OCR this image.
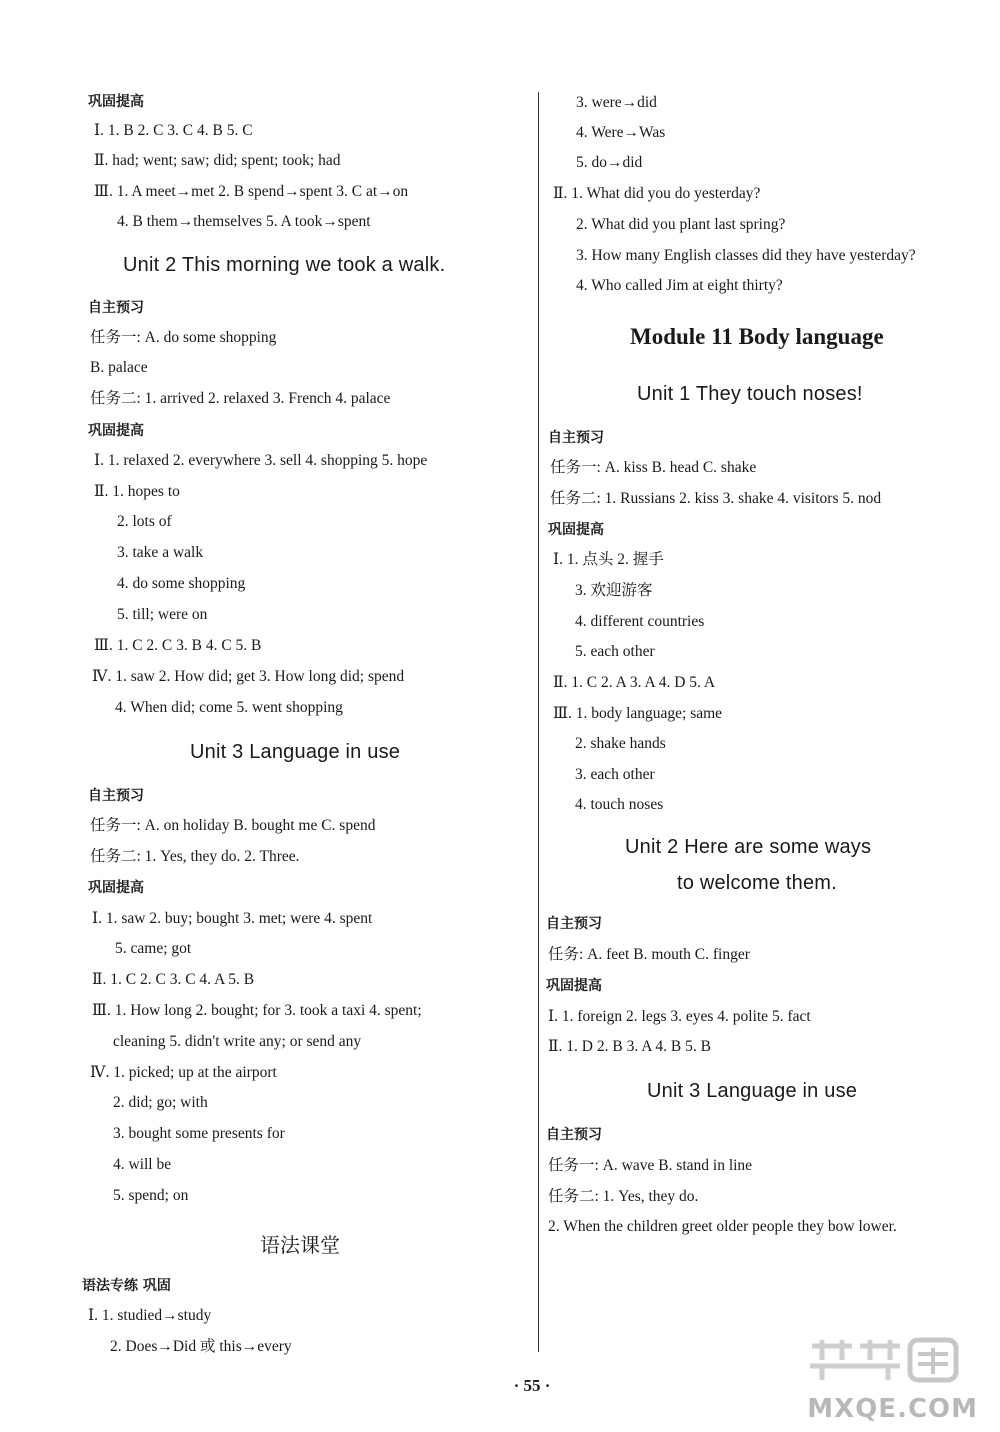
巩固提高
Ⅰ. 1. B 2. C 3. C 4. B 5. C
Ⅱ. had; went; saw; did; spent; took; had
Ⅲ. 1. A meet→met 2. B spend→spent 3. C at→on
4. B them→themselves 5. A took→spent
Unit 2 This morning we took a walk.
自主预习
任务一: A. do some shopping
B. palace
任务二: 1. arrived 2. relaxed 3. French 4. palace
巩固提高
Ⅰ. 1. relaxed 2. everywhere 3. sell 4. shopping 5. hope
Ⅱ. 1. hopes to
2. lots of
3. take a walk
4. do some shopping
5. till; were on
Ⅲ. 1. C 2. C 3. B 4. C 5. B
Ⅳ. 1. saw 2. How did; get 3. How long did; spend
4. When did; come 5. went shopping
Unit 3 Language in use
自主预习
任务一: A. on holiday B. bought me C. spend
任务二: 1. Yes, they do. 2. Three.
巩固提高
Ⅰ. 1. saw 2. buy; bought 3. met; were 4. spent
5. came; got
Ⅱ. 1. C 2. C 3. C 4. A 5. B
Ⅲ. 1. How long 2. bought; for 3. took a taxi 4. spent;
cleaning 5. didn't write any; or send any
Ⅳ. 1. picked; up at the airport
2. did; go; with
3. bought some presents for
4. will be
5. spend; on
语法课堂
语法专练 巩固
Ⅰ. 1. studied→study
2. Does→Did 或 this→every
3. were→did
4. Were→Was
5. do→did
Ⅱ. 1. What did you do yesterday?
2. What did you plant last spring?
3. How many English classes did they have yesterday?
4. Who called Jim at eight thirty?
Module 11 Body language
Unit 1 They touch noses!
自主预习
任务一: A. kiss B. head C. shake
任务二: 1. Russians 2. kiss 3. shake 4. visitors 5. nod
巩固提高
Ⅰ. 1. 点头 2. 握手
3. 欢迎游客
4. different countries
5. each other
Ⅱ. 1. C 2. A 3. A 4. D 5. A
Ⅲ. 1. body language; same
2. shake hands
3. each other
4. touch noses
Unit 2 Here are some ways
to welcome them.
自主预习
任务: A. feet B. mouth C. finger
巩固提高
Ⅰ. 1. foreign 2. legs 3. eyes 4. polite 5. fact
Ⅱ. 1. D 2. B 3. A 4. B 5. B
Unit 3 Language in use
自主预习
任务一: A. wave B. stand in line
任务二: 1. Yes, they do.
2. When the children greet older people they bow lower.
· 55 ·
MXQE.COM
